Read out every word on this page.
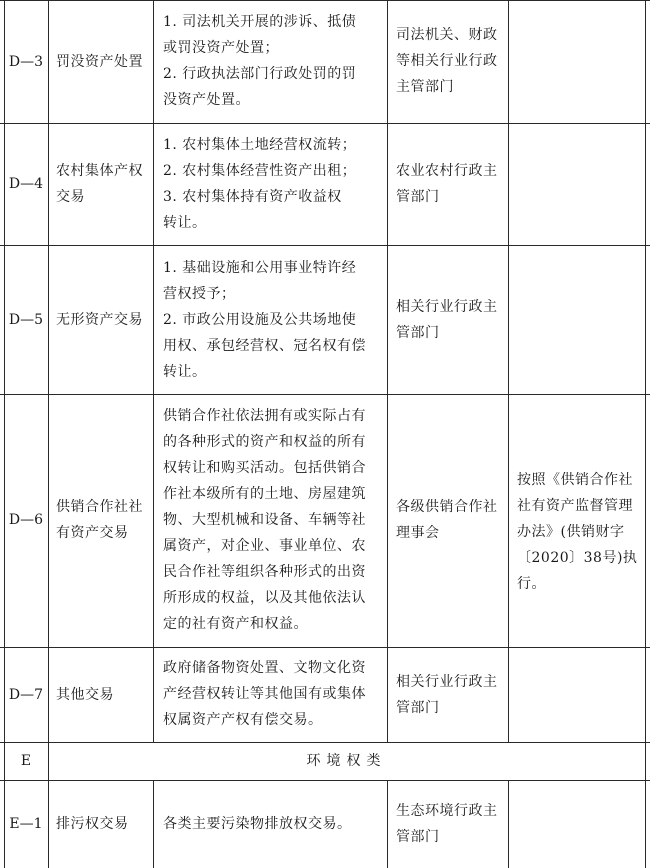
D—3 罚没资产处置
1. 司法机关开展的涉诉、抵债
或罚没资产处置；
2. 行政执法部门行政处罚的罚
没资产处置。
司法机关、财政
等相关行业行政
主管部门
D—4
农村集体产权
交易
1. 农村集体土地经营权流转；
2. 农村集体经营性资产出租；
3. 农村集体持有资产收益权
转让。
农业农村行政主
管部门
D—5 无形资产交易
1. 基础设施和公用事业特许经
营权授予；
2. 市政公用设施及公共场地使
用权、承包经营权、冠名权有偿
转让。
相关行业行政主
管部门
D—6
供销合作社社
有资产交易
供销合作社依法拥有或实际占有
的各种形式的资产和权益的所有
权转让和购买活动。包括供销合
作社本级所有的土地、房屋建筑
物、大型机械和设备、车辆等社
属资产，对企业、事业单位、农
民合作社等组织各种形式的出资
所形成的权益，以及其他依法认
定的社有资产和权益。
各级供销合作社
理事会
按照《供销合作社
社有资产监督管理
办法》(供销财字
〔2020〕38号)执行。
D—7 其他交易
政府储备物资处置、文物文化资
产经营权转让等其他国有或集体
权属资产产权有偿交易。
相关行业行政主
管部门
E	环境权类
E—1 排污权交易	各类主要污染物排放权交易。
生态环境行政主
管部门
